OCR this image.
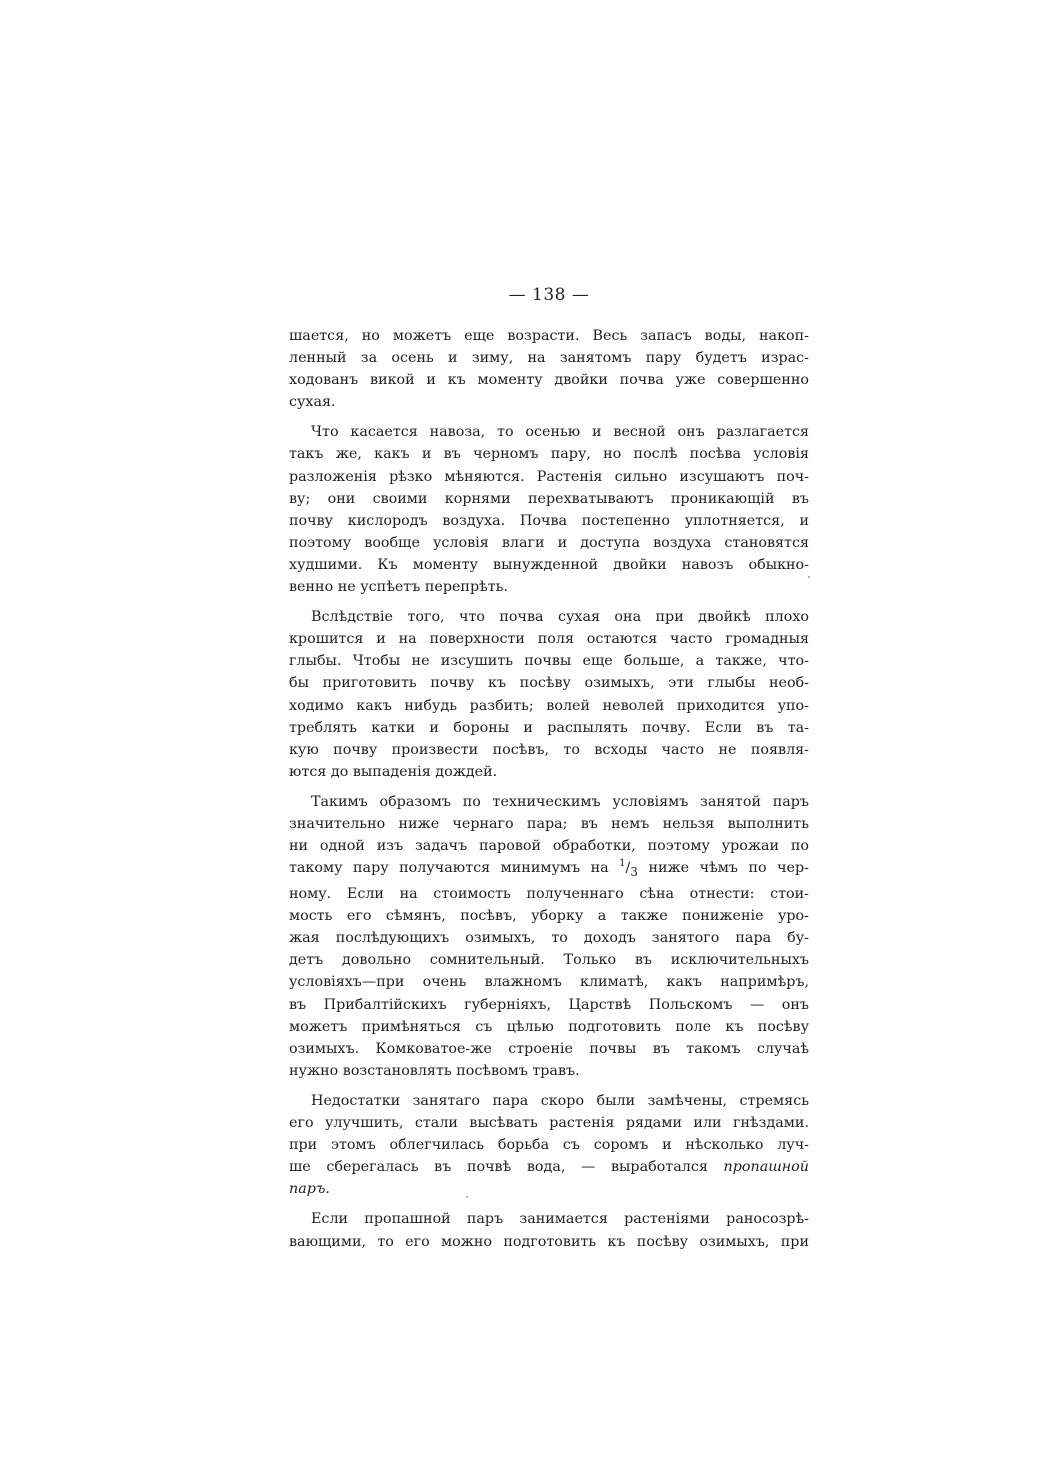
— 138 —
шается, но можетъ еще возрасти. Весь запасъ воды, накоп-
ленный за осень и зиму, на занятомъ пару будетъ израс-
ходованъ викой и къ моменту двойки почва уже совершенно
сухая.
Что касается навоза, то осенью и весной онъ разлагается
такъ же, какъ и въ черномъ пару, но послѣ посѣва условія
разложенія рѣзко мѣняются. Растенія сильно изсушаютъ поч-
ву; они своими корнями перехватываютъ проникающій въ
почву кислородъ воздуха. Почва постепенно уплотняется, и
поэтому вообще условія влаги и доступа воздуха становятся
худшими. Къ моменту вынужденной двойки навозъ обыкно-
венно не успѣетъ перепрѣть.
Вслѣдствіе того, что почва сухая она при двойкѣ плохо
крошится и на поверхности поля остаются часто громадныя
глыбы. Чтобы не изсушить почвы еще больше, а также, что-
бы приготовить почву къ посѣву озимыхъ, эти глыбы необ-
ходимо какъ нибудь разбить; волей неволей приходится упо-
треблять катки и бороны и распылять почву. Если въ та-
кую почву произвести посѣвъ, то всходы часто не появля-
ются до выпаденія дождей.
Такимъ образомъ по техническимъ условіямъ занятой паръ
значительно ниже чернаго пара; въ немъ нельзя выполнить
ни одной изъ задачъ паровой обработки, поэтому урожаи по
такому пару получаются минимумъ на $^1/_3$ ниже чѣмъ по чер-
ному. Если на стоимость полученнаго сѣна отнести: стои-
мость его сѣмянъ, посѣвъ, уборку а также пониженіе уро-
жая послѣдующихъ озимыхъ, то доходъ занятого пара бу-
детъ довольно сомнительный. Только въ исключительныхъ
условіяхъ—при очень влажномъ климатѣ, какъ напримѣръ,
въ Прибалтійскихъ губерніяхъ, Царствѣ Польскомъ — онъ
можетъ примѣняться съ цѣлью подготовить поле къ посѣву
озимыхъ. Комковатое-же строеніе почвы въ такомъ случаѣ
нужно возстановлять посѣвомъ травъ.
Недостатки занятаго пара скоро были замѣчены, стремясь
его улучшить, стали высѣвать растенія рядами или гнѣздами.
при этомъ облегчилась борьба съ соромъ и нѣсколько луч-
ше сберегалась въ почвѣ вода, — выработался пропашной
паръ.
Если пропашной паръ занимается растеніями раносозрѣ-
вающими, то его можно подготовить къ посѣву озимыхъ, при
